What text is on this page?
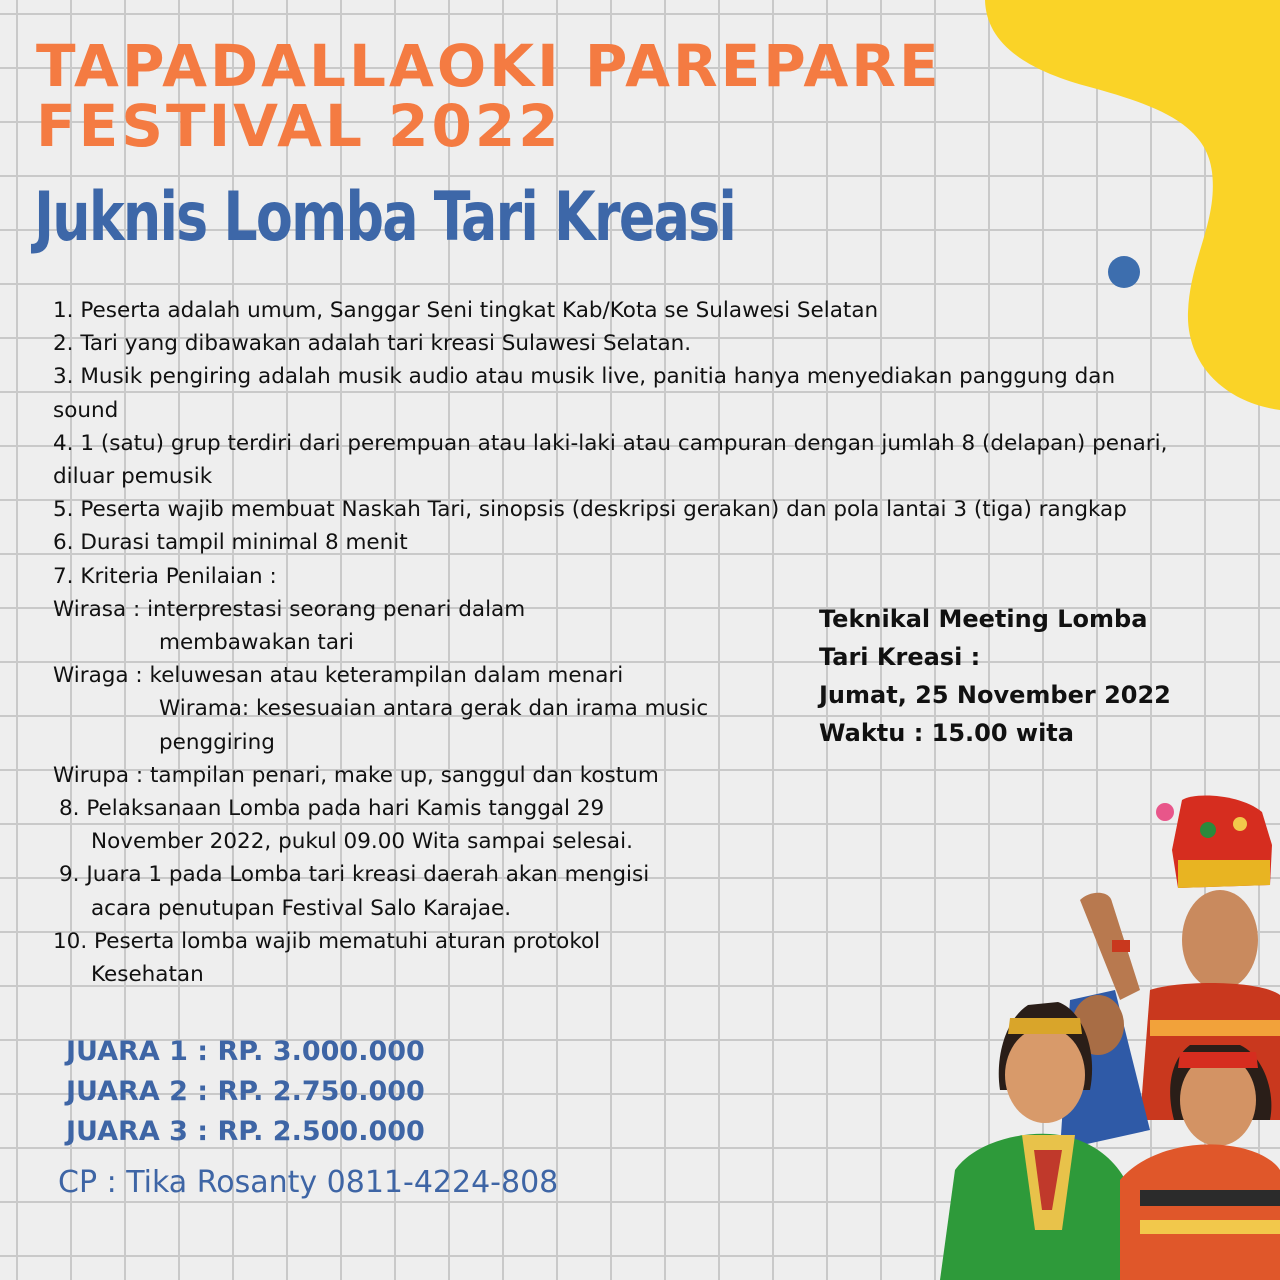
TAPADALLAOKI PAREPARE
FESTIVAL 2022
Juknis Lomba Tari Kreasi
1. Peserta adalah umum, Sanggar Seni tingkat Kab/Kota se Sulawesi Selatan
2. Tari yang dibawakan adalah tari kreasi Sulawesi Selatan.
3. Musik pengiring adalah musik audio atau musik live, panitia hanya menyediakan panggung dan
sound
4. 1 (satu) grup terdiri dari perempuan atau laki-laki atau campuran dengan jumlah 8 (delapan) penari,
diluar pemusik
5. Peserta wajib membuat Naskah Tari, sinopsis (deskripsi gerakan) dan pola lantai 3 (tiga) rangkap
6. Durasi tampil minimal 8 menit
7. Kriteria Penilaian :
Wirasa : interprestasi seorang penari dalam
membawakan tari
Wiraga : keluwesan atau keterampilan dalam menari
Wirama: kesesuaian antara gerak dan irama music
penggiring
Wirupa : tampilan penari, make up, sanggul dan kostum
8. Pelaksanaan Lomba pada hari Kamis tanggal 29
November 2022, pukul 09.00 Wita sampai selesai.
9. Juara 1 pada Lomba tari kreasi daerah akan mengisi
acara penutupan Festival Salo Karajae.
10. Peserta lomba wajib mematuhi aturan protokol
Kesehatan
Teknikal Meeting Lomba
Tari Kreasi :
Jumat, 25 November 2022
Waktu : 15.00 wita
JUARA 1 : RP. 3.000.000
JUARA 2 : RP. 2.750.000
JUARA 3 : RP. 2.500.000
CP : Tika Rosanty 0811-4224-808
